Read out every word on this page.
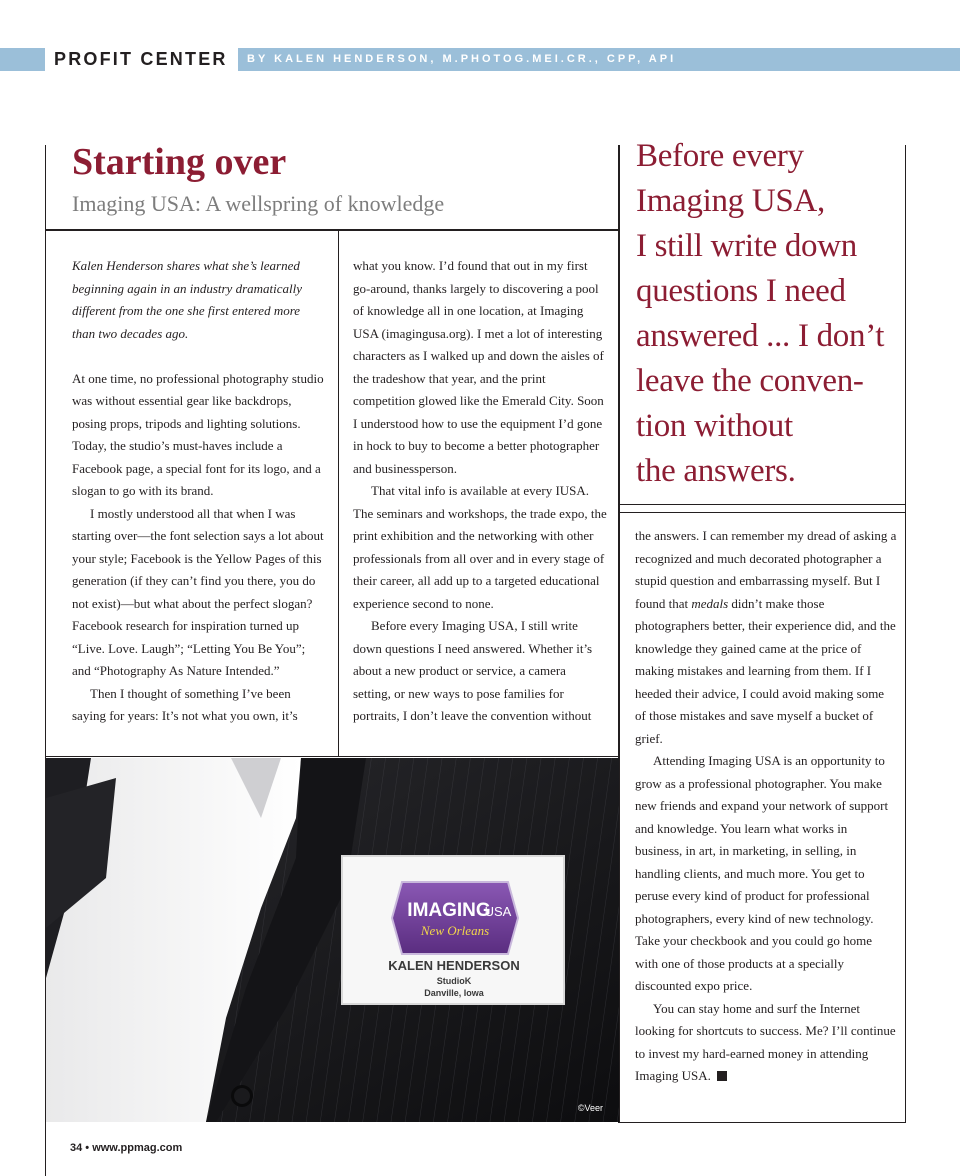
PROFIT CENTER	BY KALEN HENDERSON, M.PHOTOG.MEI.CR., CPP, API
Starting over
Imaging USA: A wellspring of knowledge

Kalen Henderson shares what she’s learned beginning again in an industry dramatically different from the one she first entered more than two decades ago.

At one time, no professional photography studio was without essential gear like backdrops, posing props, tripods and lighting solutions. Today, the studio’s must-haves include a Facebook page, a special font for its logo, and a slogan to go with its brand.

I mostly understood all that when I was starting over—the font selection says a lot about your style; Facebook is the Yellow Pages of this generation (if they can’t find you there, you do not exist)—but what about the perfect slogan? Facebook research for inspiration turned up “Live. Love. Laugh”; “Letting You Be You”; and “Photography As Nature Intended.”

Then I thought of something I’ve been saying for years: It’s not what you own, it’s

what you know. I’d found that out in my first go-around, thanks largely to discovering a pool of knowledge all in one location, at Imaging USA (imagingusa.org). I met a lot of interesting characters as I walked up and down the aisles of the tradeshow that year, and the print competition glowed like the Emerald City. Soon I understood how to use the equipment I’d gone in hock to buy to become a better photographer and businessperson.

That vital info is available at every IUSA. The seminars and workshops, the trade expo, the print exhibition and the networking with other professionals from all over and in every stage of their career, all add up to a targeted educational experience second to none.

Before every Imaging USA, I still write down questions I need answered. Whether it’s about a new product or service, a camera setting, or new ways to pose families for portraits, I don’t leave the convention without

Before every
Imaging USA,
I still write down
questions I need
answered ... I don’t
leave the conven-
tion without
the answers.

the answers. I can remember my dread of asking a recognized and much decorated photographer a stupid question and embarrassing myself. But I found that medals didn’t make those photographers better, their experience did, and the knowledge they gained came at the price of making mistakes and learning from them. If I heeded their advice, I could avoid making some of those mistakes and save myself a bucket of grief.

Attending Imaging USA is an opportunity to grow as a professional photographer. You make new friends and expand your network of support and knowledge. You learn what works in business, in art, in marketing, in selling, in handling clients, and much more. You get to peruse every kind of product for professional photographers, every kind of new technology. Take your checkbook and you could go home with one of those products at a specially discounted expo price.

You can stay home and surf the Internet looking for shortcuts to success. Me? I’ll continue to invest my hard-earned money in attending Imaging USA.

IMAGING
USA
New Orleans
KALEN HENDERSON
StudioK
Danville, Iowa
©Veer
34 • www.ppmag.com
